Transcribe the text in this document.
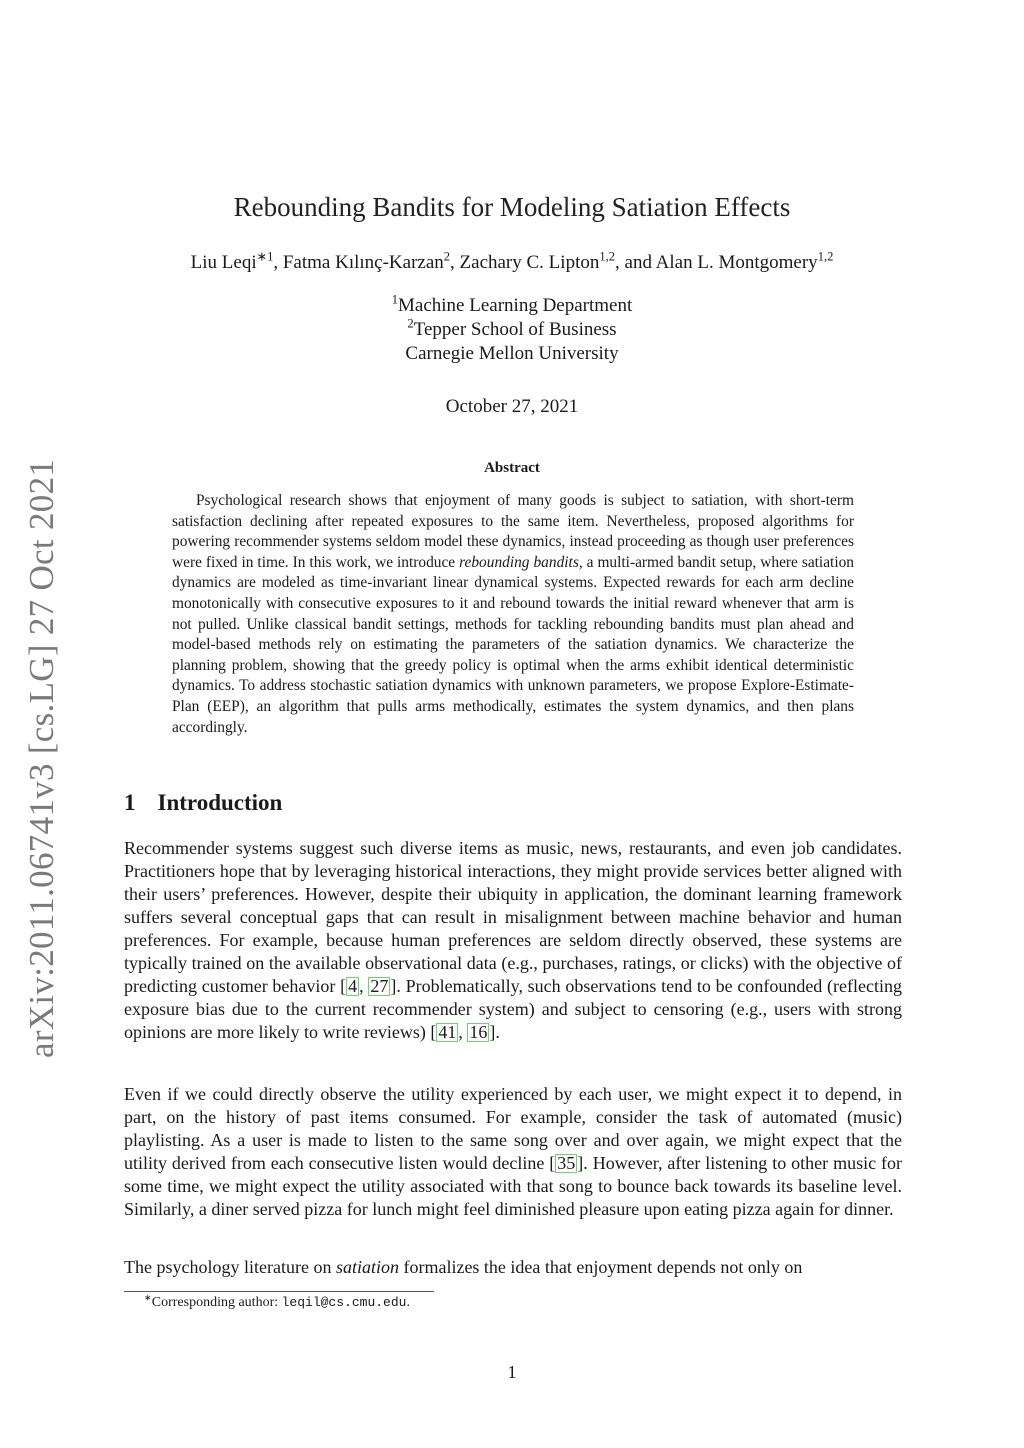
arXiv:2011.06741v3 [cs.LG] 27 Oct 2021
Rebounding Bandits for Modeling Satiation Effects
Liu Leqi$^{∗1}$, Fatma Kılınç-Karzan$^2$, Zachary C. Lipton$^{1,2}$, and Alan L. Montgomery$^{1,2}$
$^1$Machine Learning Department
$^2$Tepper School of Business
Carnegie Mellon University
October 27, 2021
Abstract
Psychological research shows that enjoyment of many goods is subject to satiation, with short-term satisfaction declining after repeated exposures to the same item. Nevertheless, proposed algorithms for powering recommender systems seldom model these dynamics, instead proceeding as though user preferences were fixed in time. In this work, we introduce rebounding bandits, a multi-armed bandit setup, where satiation dynamics are modeled as time-invariant linear dynamical systems. Expected rewards for each arm decline monotonically with consecutive exposures to it and rebound towards the initial reward whenever that arm is not pulled. Unlike classical bandit settings, methods for tackling rebounding bandits must plan ahead and model-based methods rely on estimating the parameters of the satiation dynamics. We characterize the planning problem, showing that the greedy policy is optimal when the arms exhibit identical deterministic dynamics. To address stochastic satiation dynamics with unknown parameters, we propose Explore-Estimate-Plan (EEP), an algorithm that pulls arms methodically, estimates the system dynamics, and then plans accordingly.
1 Introduction
Recommender systems suggest such diverse items as music, news, restaurants, and even job candidates. Practitioners hope that by leveraging historical interactions, they might provide services better aligned with their users’ preferences. However, despite their ubiquity in application, the dominant learning framework suffers several conceptual gaps that can result in misalignment between machine behavior and human preferences. For example, because human preferences are seldom directly observed, these systems are typically trained on the available observational data (e.g., purchases, ratings, or clicks) with the objective of predicting customer behavior [ 4 , 27 ]. Problematically, such observations tend to be confounded (reflecting exposure bias due to the current recommender system) and subject to censoring (e.g., users with strong opinions are more likely to write reviews) [ 41 , 16 ].
Even if we could directly observe the utility experienced by each user, we might expect it to depend, in part, on the history of past items consumed. For example, consider the task of automated (music) playlisting. As a user is made to listen to the same song over and over again, we might expect that the utility derived from each consecutive listen would decline [ 35 ]. However, after listening to other music for some time, we might expect the utility associated with that song to bounce back towards its baseline level. Similarly, a diner served pizza for lunch might feel diminished pleasure upon eating pizza again for dinner.
The psychology literature on satiation formalizes the idea that enjoyment depends not only on
∗Corresponding author: leqil@cs.cmu.edu.
1
